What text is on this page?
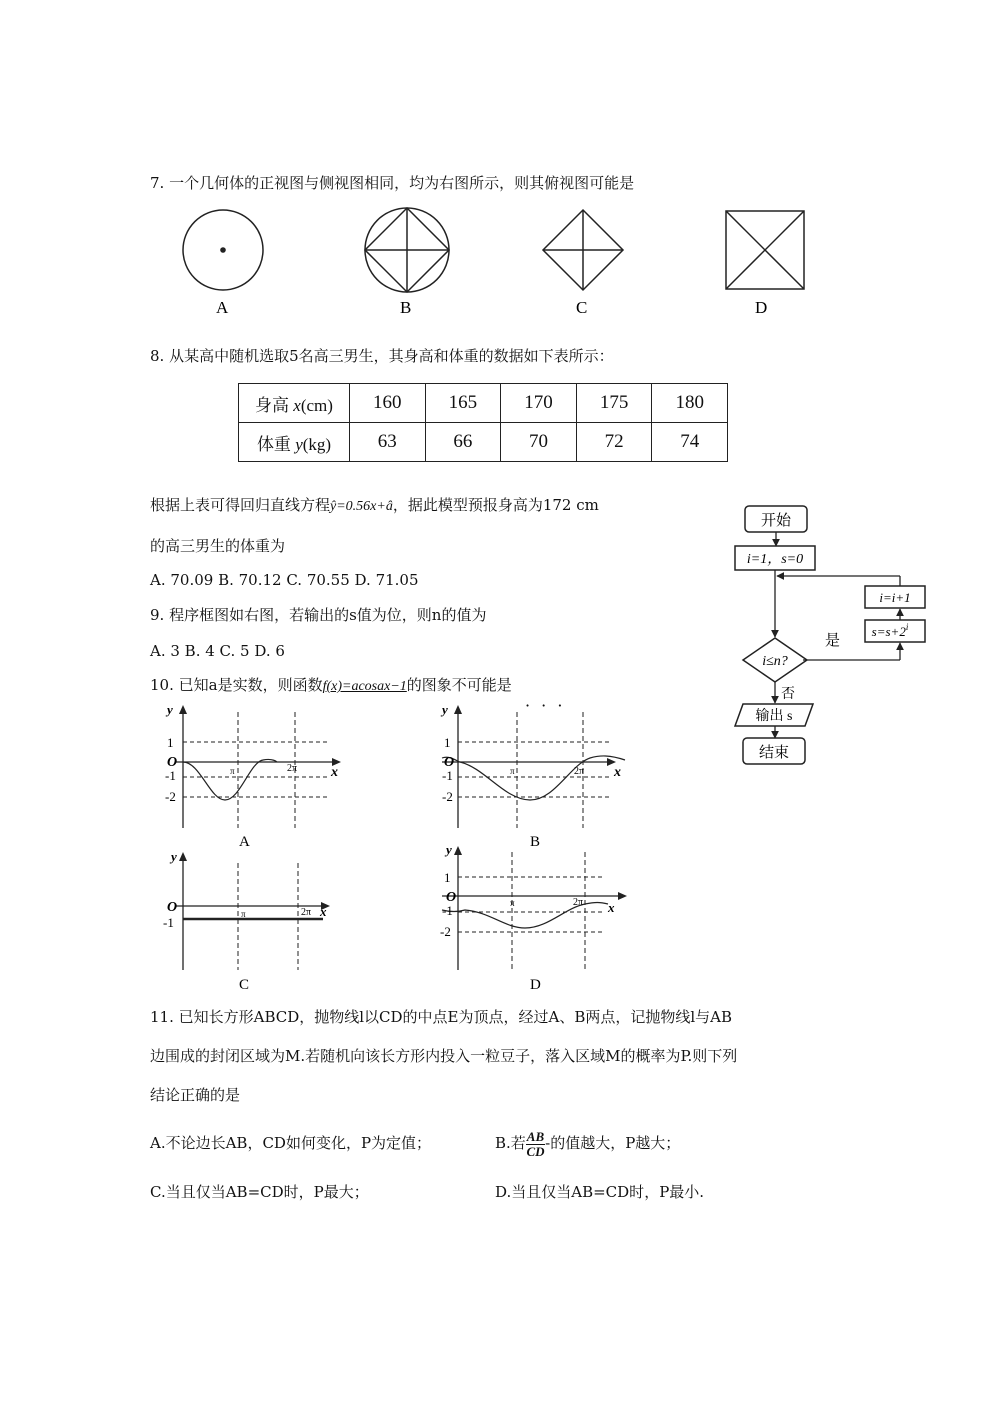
7. 一个几何体的正视图与侧视图相同，均为右图所示，则其俯视图可能是
A	B	C	D
8. 从某高中随机选取5名高三男生，其身高和体重的数据如下表所示：
身高 x(cm)	160	165	170	175	180
体重 y(kg)	63	66	70	72	74
根据上表可得回归直线方程ŷ=0.56x+â，据此模型预报身高为172 cm
的高三男生的体重为
A. 70.09 B. 70.12 C. 70.55 D. 71.05
9. 程序框图如右图，若输出的s值为位，则n的值为
A. 3 B. 4 C. 5 D. 6
开始
i=1，s=0
i=i+1
$s=s+2^i$
是
i≤n?
否
输出 s
结束
10. 已知a是实数，则函数f(x)=acosax−1的图象不可能是
· · ·
y
x
O
1
-1
-2
π	2π
A
y
x
O
1
-1
-2
π	2π
B
y
x
O
-1
π	2π
C
y
x
O
1
-1
-2
π	2π
D
11. 已知长方形ABCD，抛物线l以CD的中点E为顶点，经过A、B两点，记抛物线l与AB
边围成的封闭区域为M.若随机向该长方形内投入一粒豆子，落入区域M的概率为P.则下列
结论正确的是
A.不论边长AB，CD如何变化，P为定值；	B.若 $\frac{AB}{CD}$ -的值越大，P越大；
C.当且仅当AB=CD时，P最大；	D.当且仅当AB=CD时，P最小.
